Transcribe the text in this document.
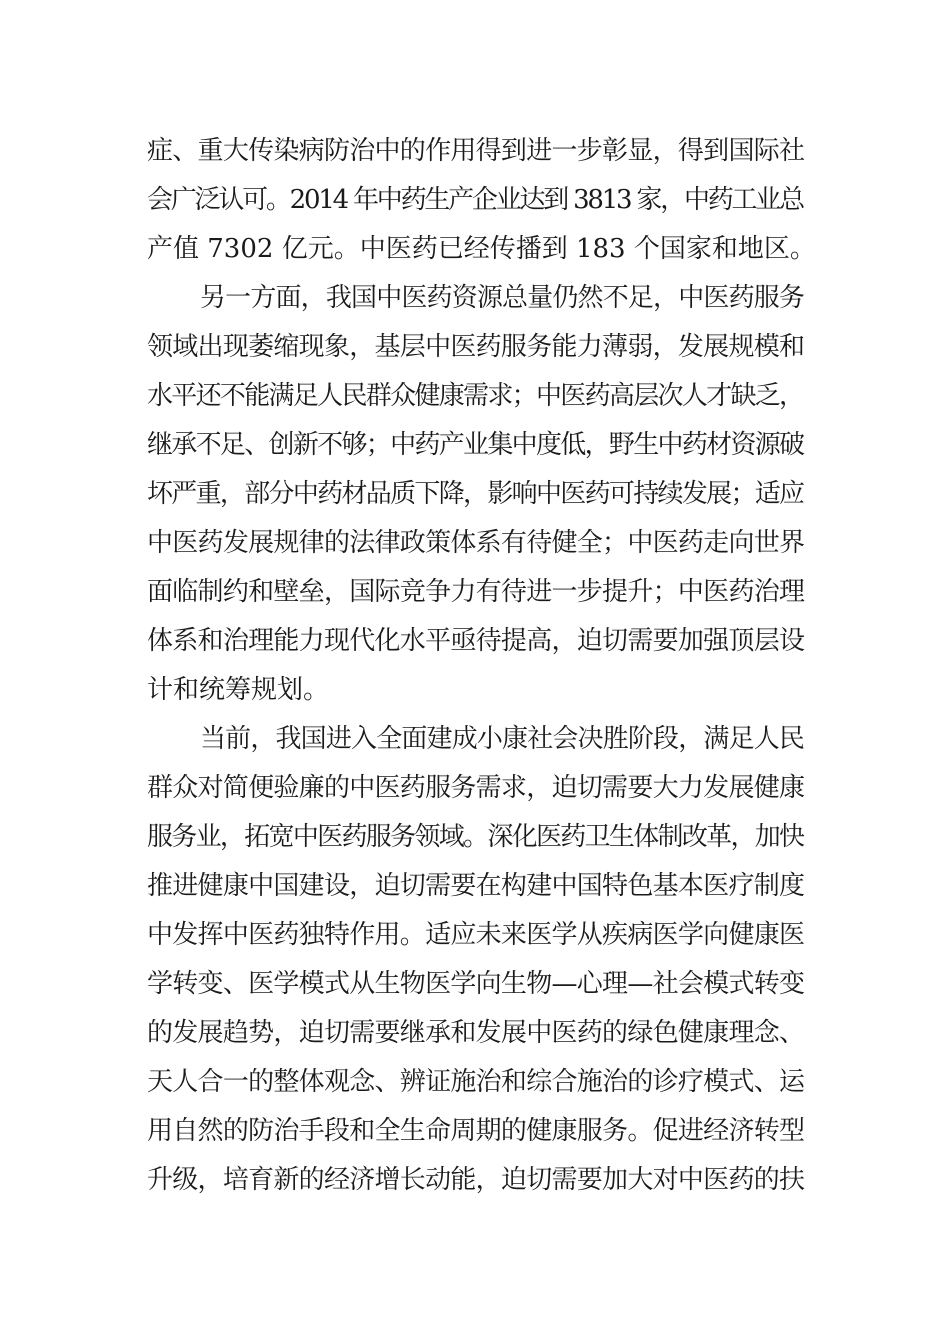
症、重大传染病防治中的作用得到进一步彰显，得到国际社
会广泛认可。2014 年中药生产企业达到 3813 家，中药工业总
产值 7302 亿元。中医药已经传播到 183 个国家和地区。
另一方面，我国中医药资源总量仍然不足，中医药服务
领域出现萎缩现象，基层中医药服务能力薄弱，发展规模和
水平还不能满足人民群众健康需求；中医药高层次人才缺乏，
继承不足、创新不够；中药产业集中度低，野生中药材资源破
坏严重，部分中药材品质下降，影响中医药可持续发展；适应
中医药发展规律的法律政策体系有待健全；中医药走向世界
面临制约和壁垒，国际竞争力有待进一步提升；中医药治理
体系和治理能力现代化水平亟待提高，迫切需要加强顶层设
计和统筹规划。
当前，我国进入全面建成小康社会决胜阶段，满足人民
群众对简便验廉的中医药服务需求，迫切需要大力发展健康
服务业，拓宽中医药服务领域。深化医药卫生体制改革，加快
推进健康中国建设，迫切需要在构建中国特色基本医疗制度
中发挥中医药独特作用。适应未来医学从疾病医学向健康医
学转变、医学模式从生物医学向生物—心理—社会模式转变
的发展趋势，迫切需要继承和发展中医药的绿色健康理念、
天人合一的整体观念、辨证施治和综合施治的诊疗模式、运
用自然的防治手段和全生命周期的健康服务。促进经济转型
升级，培育新的经济增长动能，迫切需要加大对中医药的扶
